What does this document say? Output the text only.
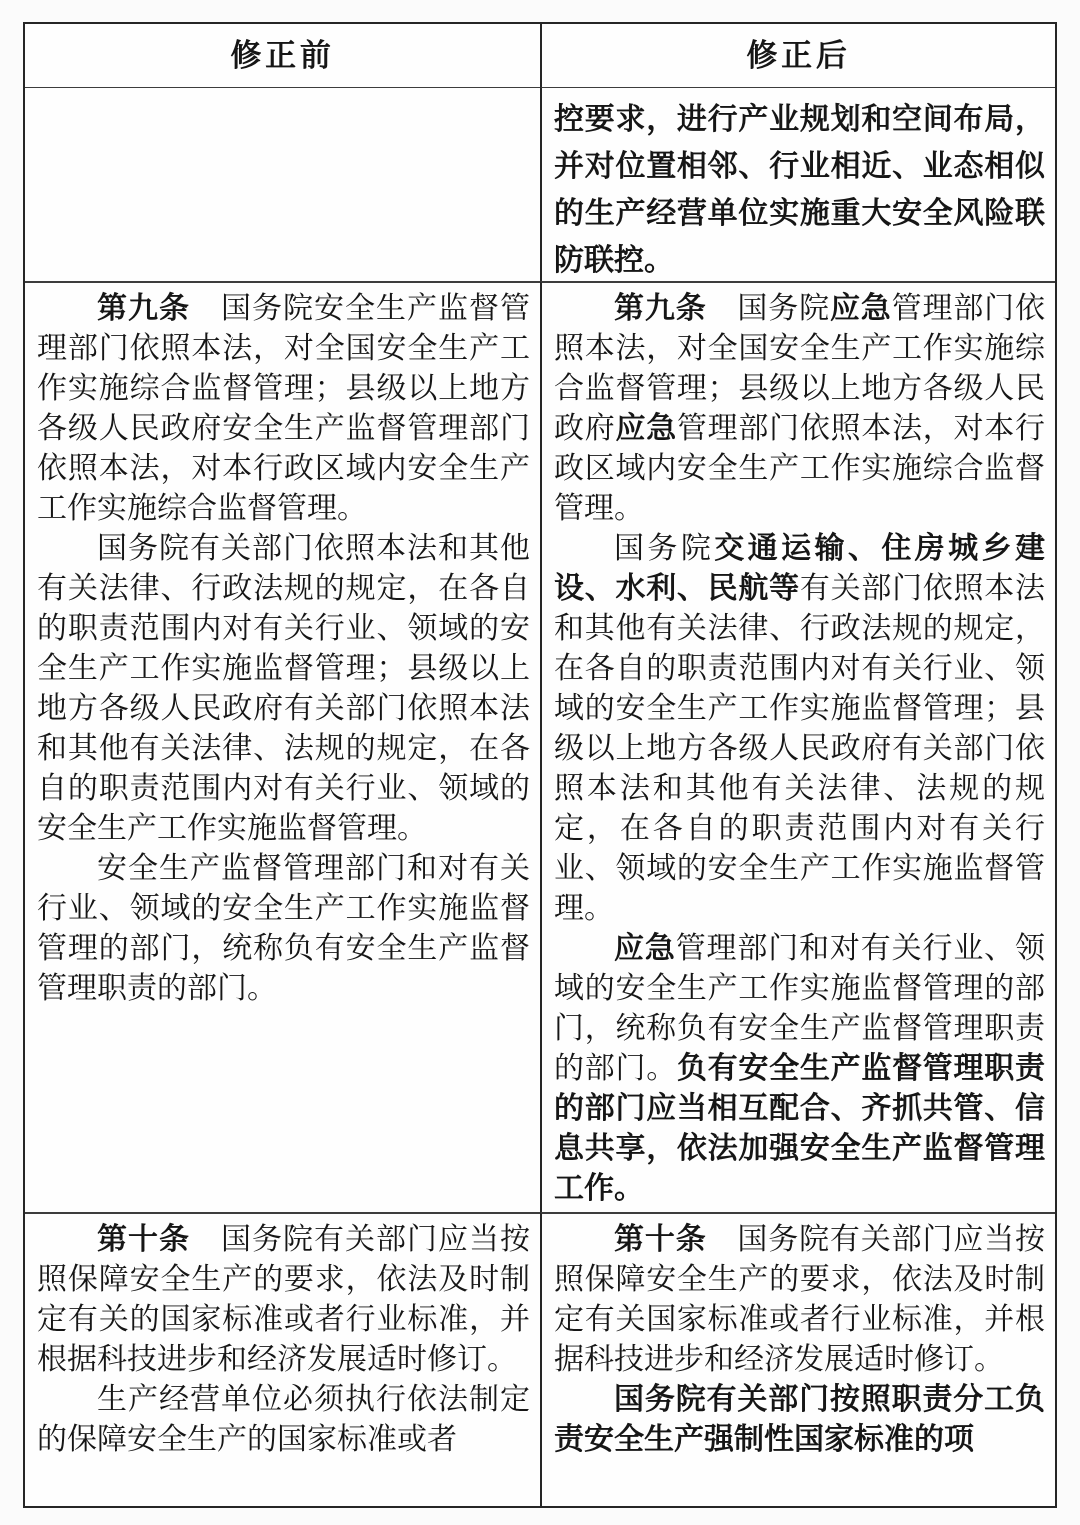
修正前	修正后

控要求，进行产业规划和空间布局，并对位置相邻、行业相近、业态相似的生产经营单位实施重大安全风险联防联控。

第九条　国务院安全生产监督管理部门依照本法，对全国安全生产工作实施综合监督管理；县级以上地方各级人民政府安全生产监督管理部门依照本法，对本行政区域内安全生产工作实施综合监督管理。

国务院有关部门依照本法和其他有关法律、行政法规的规定，在各自的职责范围内对有关行业、领域的安全生产工作实施监督管理；县级以上地方各级人民政府有关部门依照本法和其他有关法律、法规的规定，在各自的职责范围内对有关行业、领域的安全生产工作实施监督管理。

安全生产监督管理部门和对有关行业、领域的安全生产工作实施监督管理的部门，统称负有安全生产监督管理职责的部门。

第九条　国务院应急管理部门依照本法，对全国安全生产工作实施综合监督管理；县级以上地方各级人民政府应急管理部门依照本法，对本行政区域内安全生产工作实施综合监督管理。

国务院交通运输、住房城乡建设、水利、民航等有关部门依照本法和其他有关法律、行政法规的规定，在各自的职责范围内对有关行业、领域的安全生产工作实施监督管理；县级以上地方各级人民政府有关部门依照本法和其他有关法律、法规的规定，在各自的职责范围内对有关行业、领域的安全生产工作实施监督管理。

应急管理部门和对有关行业、领域的安全生产工作实施监督管理的部门，统称负有安全生产监督管理职责的部门。负有安全生产监督管理职责的部门应当相互配合、齐抓共管、信息共享，依法加强安全生产监督管理工作。

第十条　国务院有关部门应当按照保障安全生产的要求，依法及时制定有关的国家标准或者行业标准，并根据科技进步和经济发展适时修订。

生产经营单位必须执行依法制定的保障安全生产的国家标准或者

第十条　国务院有关部门应当按照保障安全生产的要求，依法及时制定有关国家标准或者行业标准，并根据科技进步和经济发展适时修订。

国务院有关部门按照职责分工负责安全生产强制性国家标准的项
